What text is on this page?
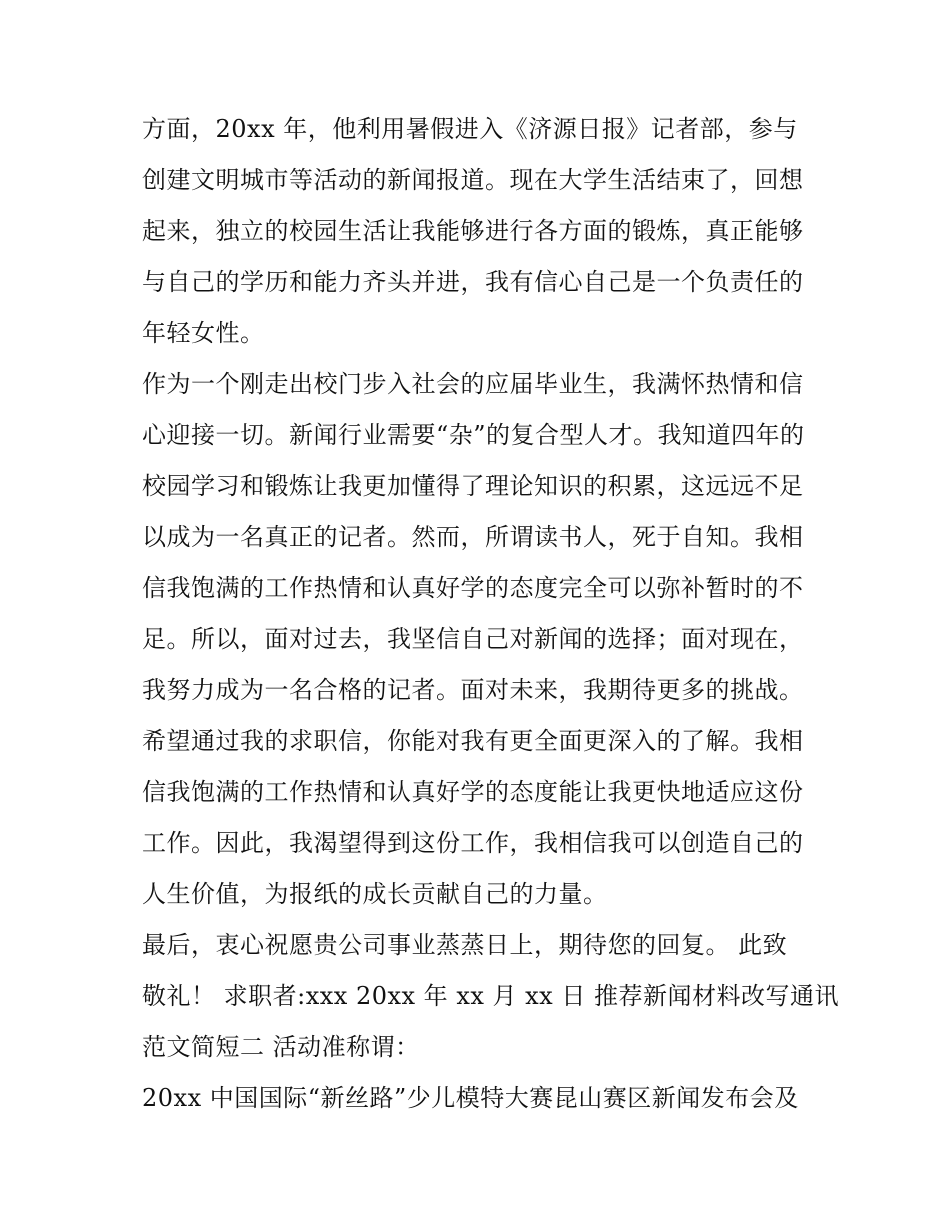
方面，20xx 年，他利用暑假进入《济源日报》记者部，参与
创建文明城市等活动的新闻报道。现在大学生活结束了，回想
起来，独立的校园生活让我能够进行各方面的锻炼，真正能够
与自己的学历和能力齐头并进，我有信心自己是一个负责任的
年轻女性。
作为一个刚走出校门步入社会的应届毕业生，我满怀热情和信
心迎接一切。新闻行业需要“杂”的复合型人才。我知道四年的
校园学习和锻炼让我更加懂得了理论知识的积累，这远远不足
以成为一名真正的记者。然而，所谓读书人，死于自知。我相
信我饱满的工作热情和认真好学的态度完全可以弥补暂时的不
足。所以，面对过去，我坚信自己对新闻的选择；面对现在，
我努力成为一名合格的记者。面对未来，我期待更多的挑战。
希望通过我的求职信，你能对我有更全面更深入的了解。我相
信我饱满的工作热情和认真好学的态度能让我更快地适应这份
工作。因此，我渴望得到这份工作，我相信我可以创造自己的
人生价值，为报纸的成长贡献自己的力量。
最后，衷心祝愿贵公司事业蒸蒸日上，期待您的回复。 此致
敬礼！ 求职者:xxx 20xx 年 xx 月 xx 日 推荐新闻材料改写通讯
范文简短二 活动准称谓：
20xx 中国国际“新丝路”少儿模特大赛昆山赛区新闻发布会及
